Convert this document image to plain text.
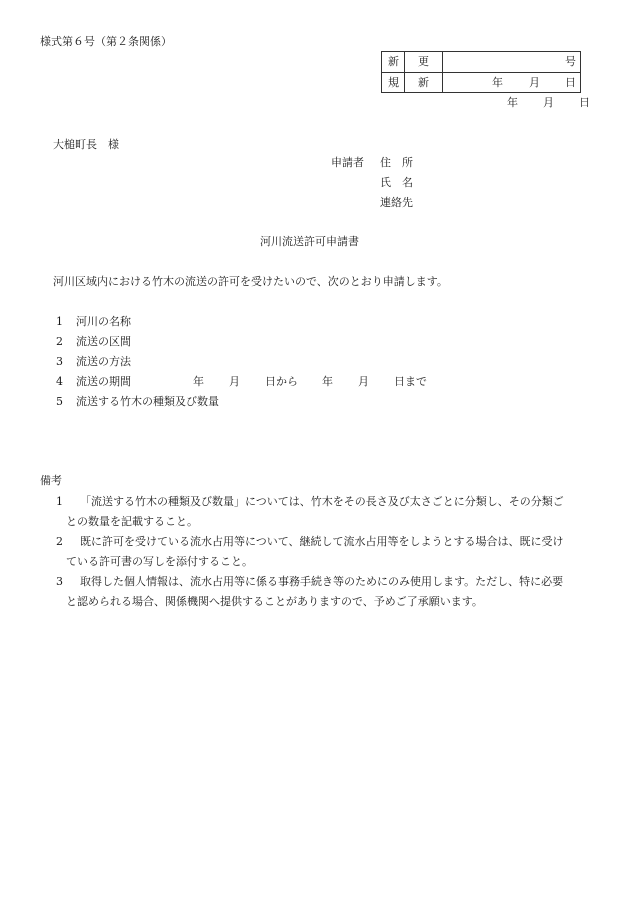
様式第６号（第２条関係）
新 更
規 新
号
年 月 日
年 月 日
大槌町長　様
申請者 住　所
氏　名
連絡先
河川流送許可申請書
河川区域内における竹木の流送の許可を受けたいので、次のとおり申請します。
1 河川の名称
2 流送の区間
3 流送の方法
4 流送の期間	年 月 日から 年 月 日まで
5 流送する竹木の種類及び数量
備考
1 「流送する竹木の種類及び数量」については、竹木をその長さ及び太さごとに分類し、その分類ご
との数量を記載すること。
2 既に許可を受けている流水占用等について、継続して流水占用等をしようとする場合は、既に受け
ている許可書の写しを添付すること。
3 取得した個人情報は、流水占用等に係る事務手続き等のためにのみ使用します。ただし、特に必要
と認められる場合、関係機関へ提供することがありますので、予めご了承願います。
